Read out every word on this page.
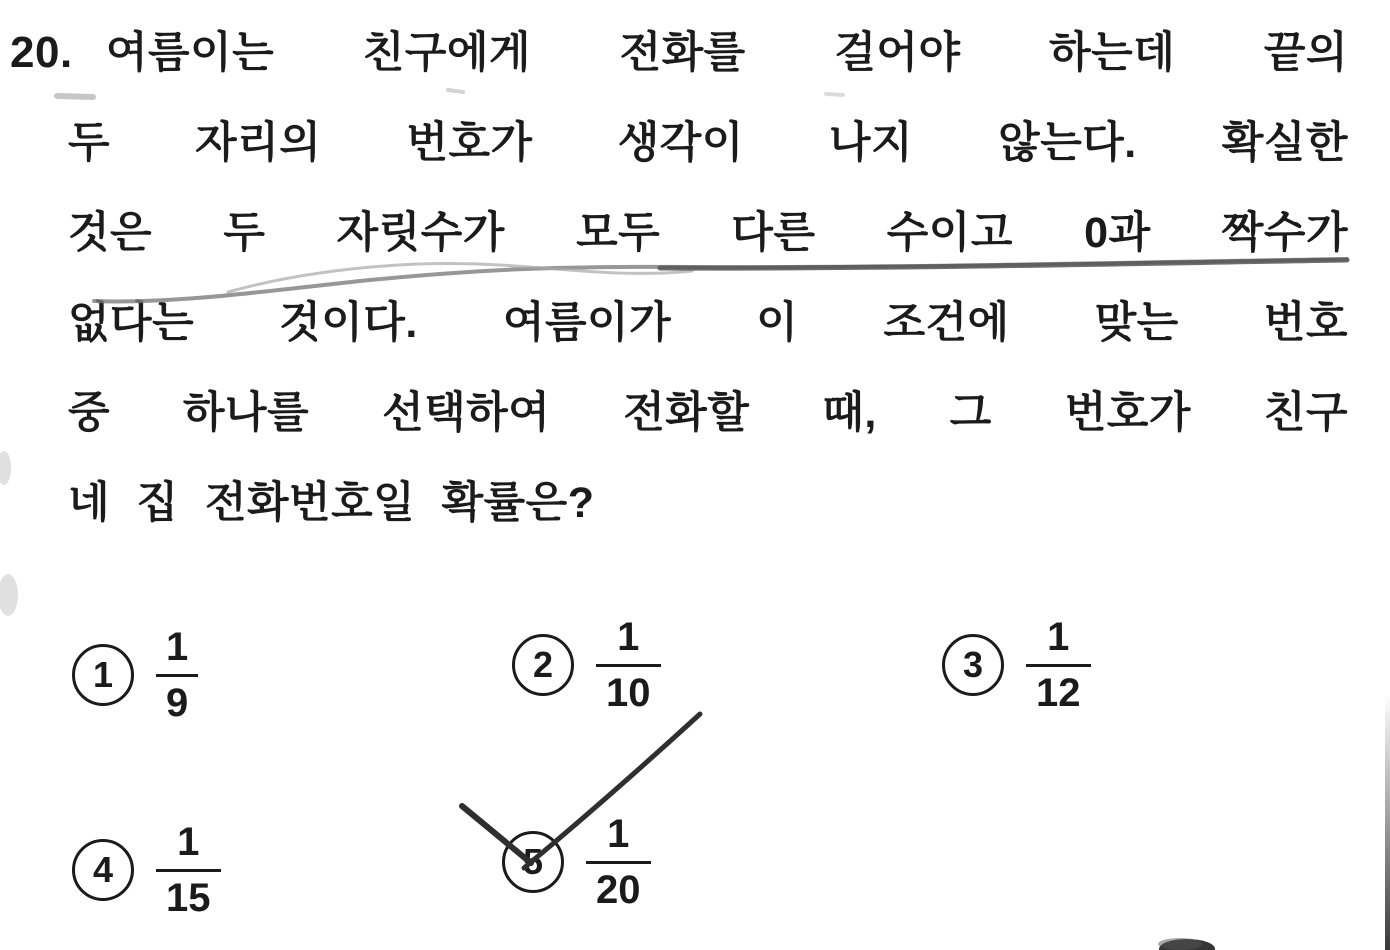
20. 여름이는 친구에게 전화를 걸어야 하는데 끝의
두 자리의 번호가 생각이 나지 않는다. 확실한
것은 두 자릿수가 모두 다른 수이고 0과 짝수가
없다는 것이다. 여름이가 이 조건에 맞는 번호
중 하나를 선택하여 전화할 때, 그 번호가 친구
네 집 전화번호일 확률은?
1	$\frac{1}{9}$	2	$\frac{1}{10}$	3	$\frac{1}{12}$
4	$\frac{1}{15}$	5	$\frac{1}{20}$
